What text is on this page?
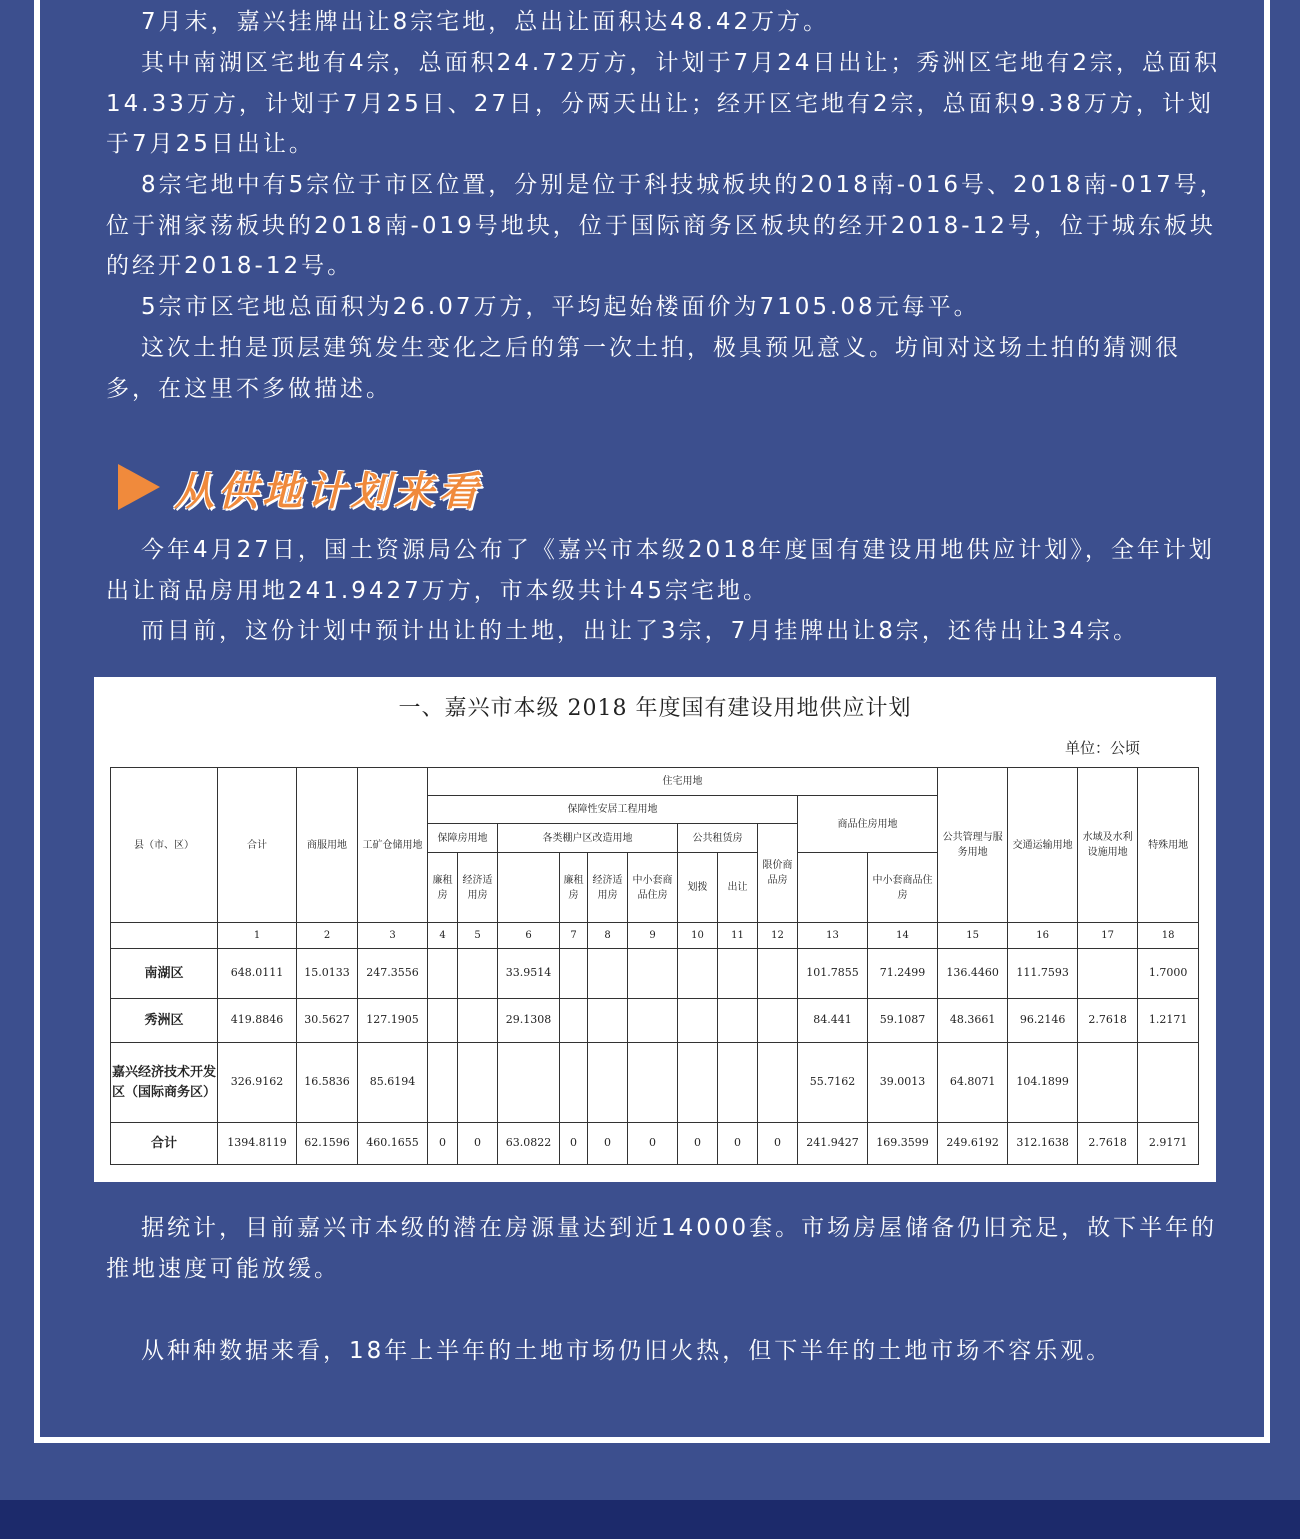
7月末，嘉兴挂牌出让8宗宅地，总出让面积达48.42万方。

其中南湖区宅地有4宗，总面积24.72万方，计划于7月24日出让；秀洲区宅地有2宗，总面积14.33万方，计划于7月25日、27日，分两天出让；经开区宅地有2宗，总面积9.38万方，计划于7月25日出让。

8宗宅地中有5宗位于市区位置，分别是位于科技城板块的2018南-016号、2018南-017号，位于湘家荡板块的2018南-019号地块，位于国际商务区板块的经开2018-12号，位于城东板块的经开2018-12号。

5宗市区宅地总面积为26.07万方，平均起始楼面价为7105.08元每平。

这次土拍是顶层建筑发生变化之后的第一次土拍，极具预见意义。坊间对这场土拍的猜测很多，在这里不多做描述。

从供地计划来看

今年4月27日，国土资源局公布了《嘉兴市本级2018年度国有建设用地供应计划》，全年计划出让商品房用地241.9427万方，市本级共计45宗宅地。

而目前，这份计划中预计出让的土地，出让了3宗，7月挂牌出让8宗，还待出让34宗。

一、嘉兴市本级 2018 年度国有建设用地供应计划
单位：公顷
县（市、区）	合计	商服用地	工矿仓储用地	住宅用地											公共管理与服务用地	交通运输用地	水域及水利设施用地	特殊用地
				保障性安居工程用地									商品住房用地					
				保障房用地		各类棚户区改造用地				公共租赁房		限价商品房						
				廉租房	经济适用房		廉租房	经济适用房	中小套商品住房	划拨	出让			中小套商品住房				

	1	2	3	4	5	6	7	8	9	10	11	12	13	14	15	16	17	18
南湖区	648.0111	15.0133	247.3556			33.9514							101.7855	71.2499	136.4460	111.7593		1.7000
秀洲区	419.8846	30.5627	127.1905			29.1308							84.441	59.1087	48.3661	96.2146	2.7618	1.2171
嘉兴经济技术开发区（国际商务区）	326.9162	16.5836	85.6194										55.7162	39.0013	64.8071	104.1899		
合计	1394.8119	62.1596	460.1655	0	0	63.0822	0	0	0	0	0	0	241.9427	169.3599	249.6192	312.1638	2.7618	2.9171

据统计，目前嘉兴市本级的潜在房源量达到近14000套。市场房屋储备仍旧充足，故下半年的推地速度可能放缓。

从种种数据来看，18年上半年的土地市场仍旧火热，但下半年的土地市场不容乐观。
